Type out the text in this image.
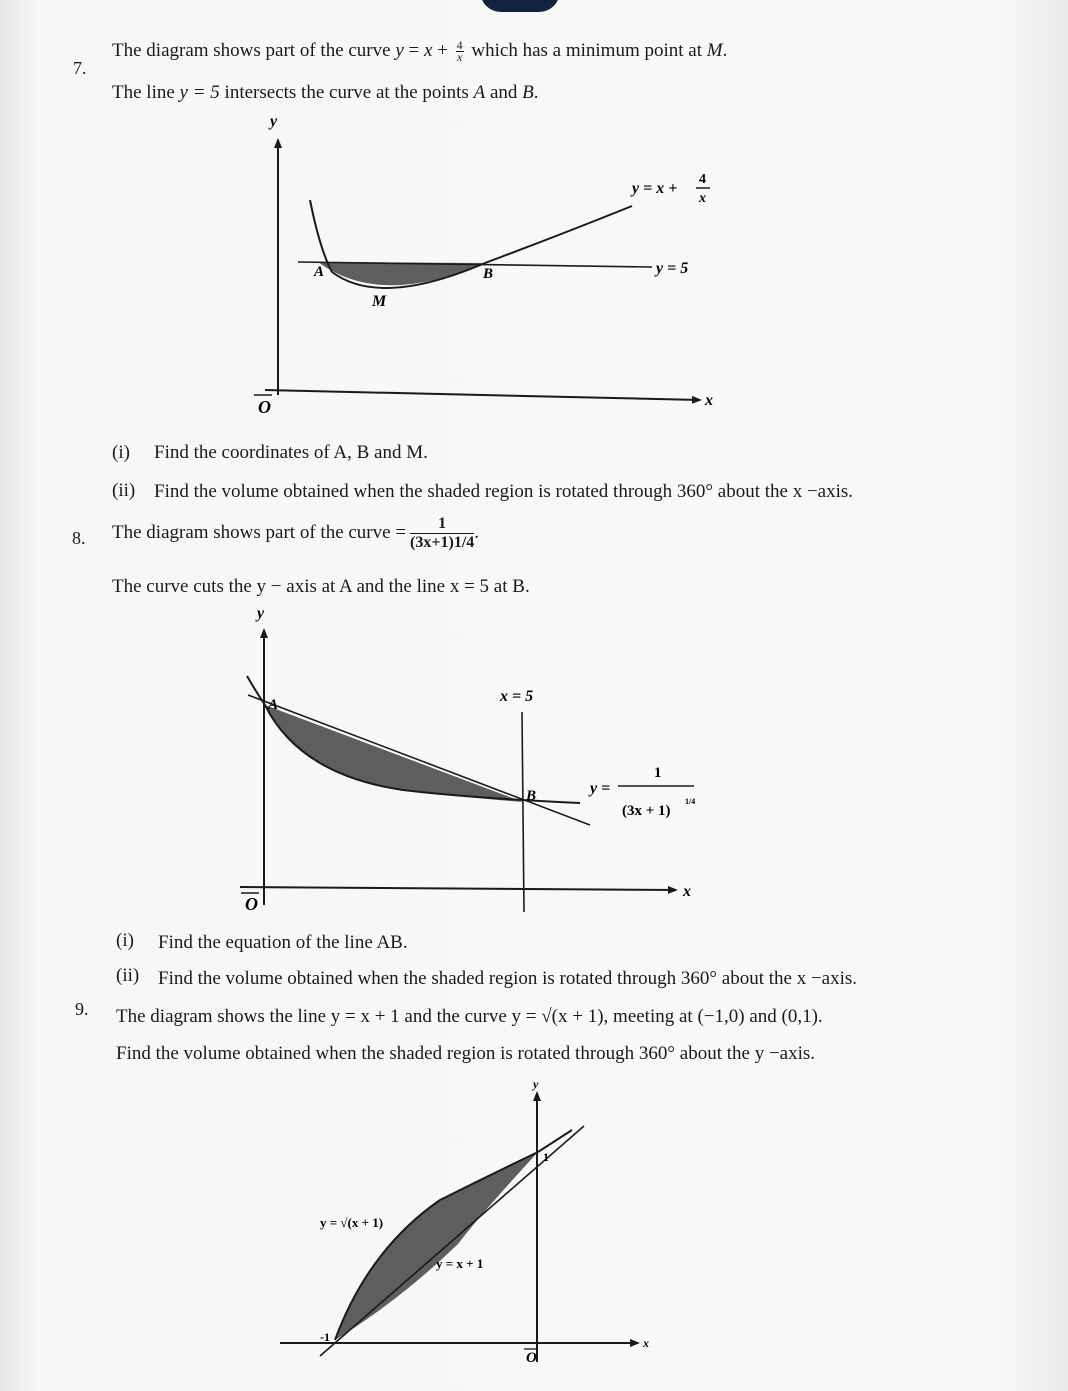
7.
The diagram shows part of the curve $y = x + \frac{4}{x}$ which has a minimum point at M.
The line y = 5 intersects the curve at the points A and B.
y
x
O
A	B
M
y = 5
y = x +
4
x
y
x
O
A
B
x = 5
y =
1
(3x + 1)
1/4
y
x
O
1
-1
y = √(x + 1)
y = x + 1
(i) Find the coordinates of A, B and M.
(ii) Find the volume obtained when the shaded region is rotated through 360° about the x −axis.
8. The diagram shows part of the curve = $\frac{1}{(3x+1)1/4}$ .
The curve cuts the y − axis at A and the line x = 5 at B.
(i) Find the equation of the line AB.
(ii) Find the volume obtained when the shaded region is rotated through 360° about the x −axis.
9. The diagram shows the line y = x + 1 and the curve y = √(x + 1), meeting at (−1,0) and (0,1).
Find the volume obtained when the shaded region is rotated through 360° about the y −axis.
